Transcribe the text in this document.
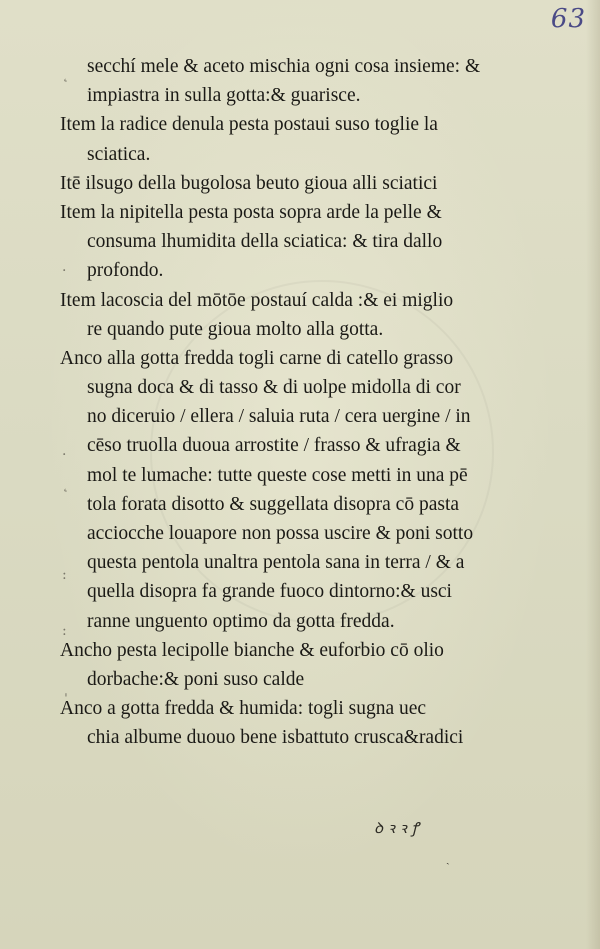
63
secchí mele & aceto mischia ogni cosa insieme: &
impiastra in sulla gotta:& guarisce.
Item la radice denula pesta postaui suso toglie la
sciatica.
Itē ilsugo della bugolosa beuto gioua alli sciatici
Item la nipitella pesta posta sopra arde la pelle &
consuma lhumidita della sciatica: & tira dallo
profondo.
Item lacoscia del mōtōe postauí calda :& ei miglio
re quando pute gioua molto alla gotta.
Anco alla gotta fredda togli carne di catello grasso
sugna doca & di tasso & di uolpe midolla di cor
no diceruio / ellera / saluia ruta / cera uergine / in
cēso truolla duoua arrostite / frasso & ufragia &
mol te lumache: tutte queste cose metti in una pē
tola forata disotto & suggellata disopra cō pasta
acciocche louapore non possa uscire & poni sotto
questa pentola unaltra pentola sana in terra / & a
quella disopra fa grande fuoco dintorno:& usci
ranne unguento optimo da gotta fredda.
Ancho pesta lecipolle bianche & euforbio cō olio
dorbache:& poni suso calde
Anco a gotta fredda & humida: togli sugna uec
chia albume duouo bene isbattuto crusca&radici
˛
·
·
˛
:
:
ˌ
ꝺ ꝛ ꝛ ꝭ
ˎ
